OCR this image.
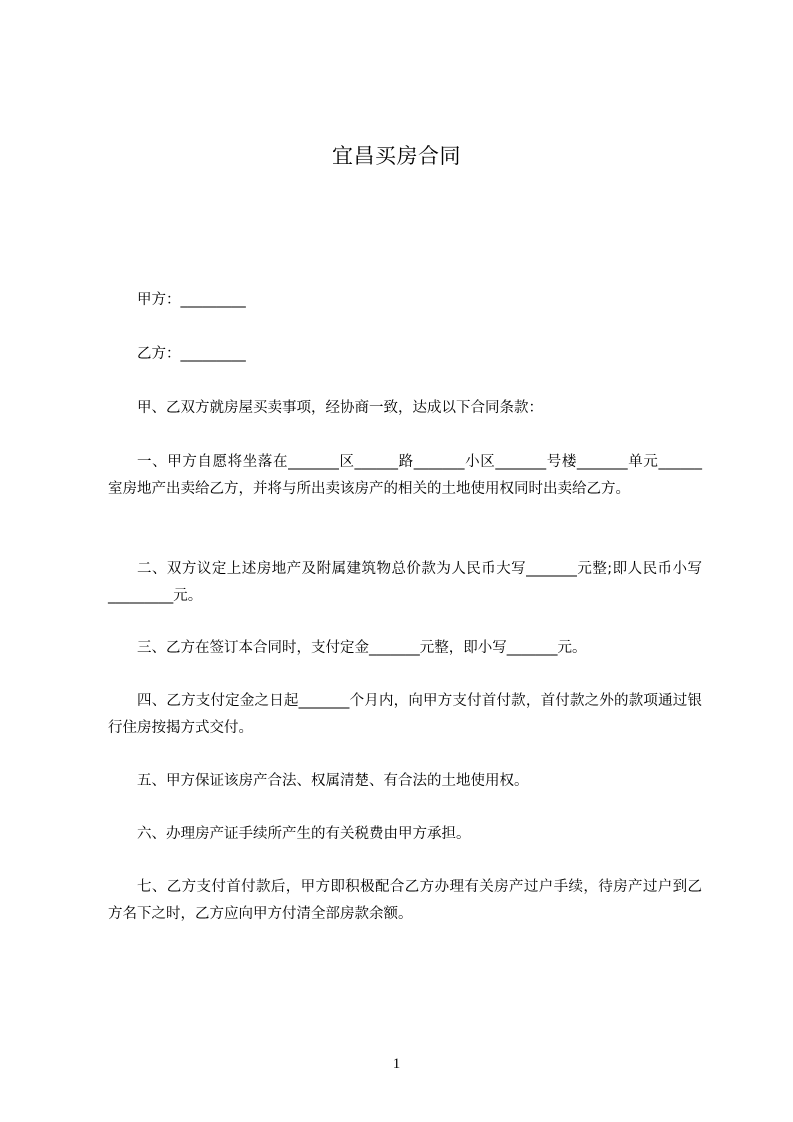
宜昌买房合同

甲方：_________

乙方：_________

甲、乙双方就房屋买卖事项，经协商一致，达成以下合同条款：

一、甲方自愿将坐落在_______区______路_______小区_______号楼_______单元______室房地产出卖给乙方，并将与所出卖该房产的相关的土地使用权同时出卖给乙方。

二、双方议定上述房地产及附属建筑物总价款为人民币大写_______元整;即人民币小写_________元。

三、乙方在签订本合同时，支付定金_______元整，即小写_______元。

四、乙方支付定金之日起_______个月内，向甲方支付首付款，首付款之外的款项通过银行住房按揭方式交付。

五、甲方保证该房产合法、权属清楚、有合法的土地使用权。

六、办理房产证手续所产生的有关税费由甲方承担。

七、乙方支付首付款后，甲方即积极配合乙方办理有关房产过户手续，待房产过户到乙方名下之时，乙方应向甲方付清全部房款余额。

1
